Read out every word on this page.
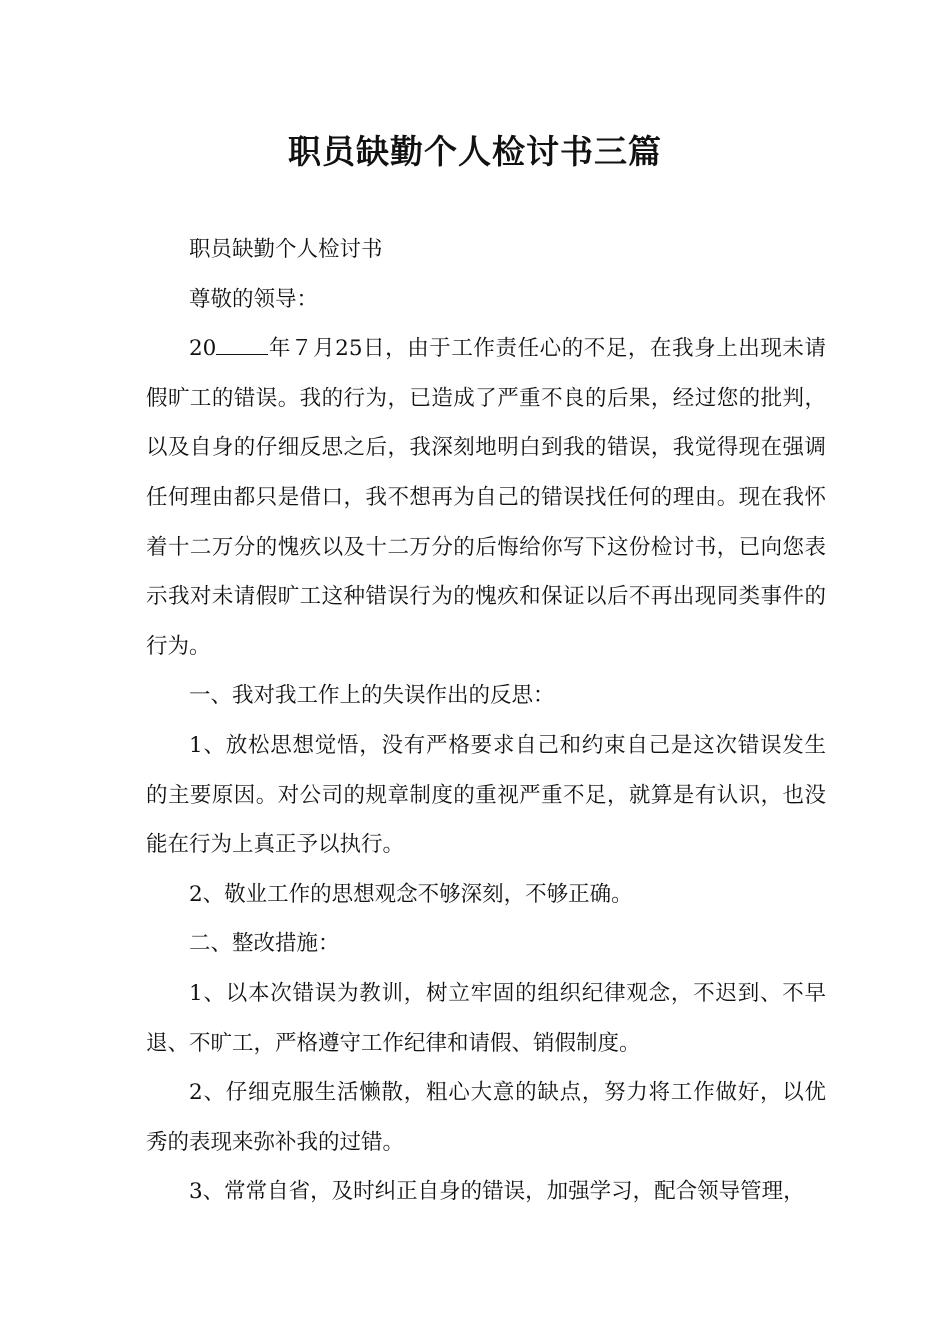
职员缺勤个人检讨书三篇

职员缺勤个人检讨书

尊敬的领导：

20 年７月25日，由于工作责任心的不足，在我身上出现未请假旷工的错误。我的行为，已造成了严重不良的后果，经过您的批判，以及自身的仔细反思之后，我深刻地明白到我的错误，我觉得现在强调任何理由都只是借口，我不想再为自己的错误找任何的理由。现在我怀着十二万分的愧疚以及十二万分的后悔给你写下这份检讨书，已向您表示我对未请假旷工这种错误行为的愧疚和保证以后不再出现同类事件的行为。

一、我对我工作上的失误作出的反思：

1、放松思想觉悟，没有严格要求自己和约束自己是这次错误发生的主要原因。对公司的规章制度的重视严重不足，就算是有认识，也没能在行为上真正予以执行。

2、敬业工作的思想观念不够深刻，不够正确。

二、整改措施：

1、以本次错误为教训，树立牢固的组织纪律观念，不迟到、不早退、不旷工，严格遵守工作纪律和请假、销假制度。

2、仔细克服生活懒散，粗心大意的缺点，努力将工作做好，以优秀的表现来弥补我的过错。

3、常常自省，及时纠正自身的错误，加强学习，配合领导管理，
